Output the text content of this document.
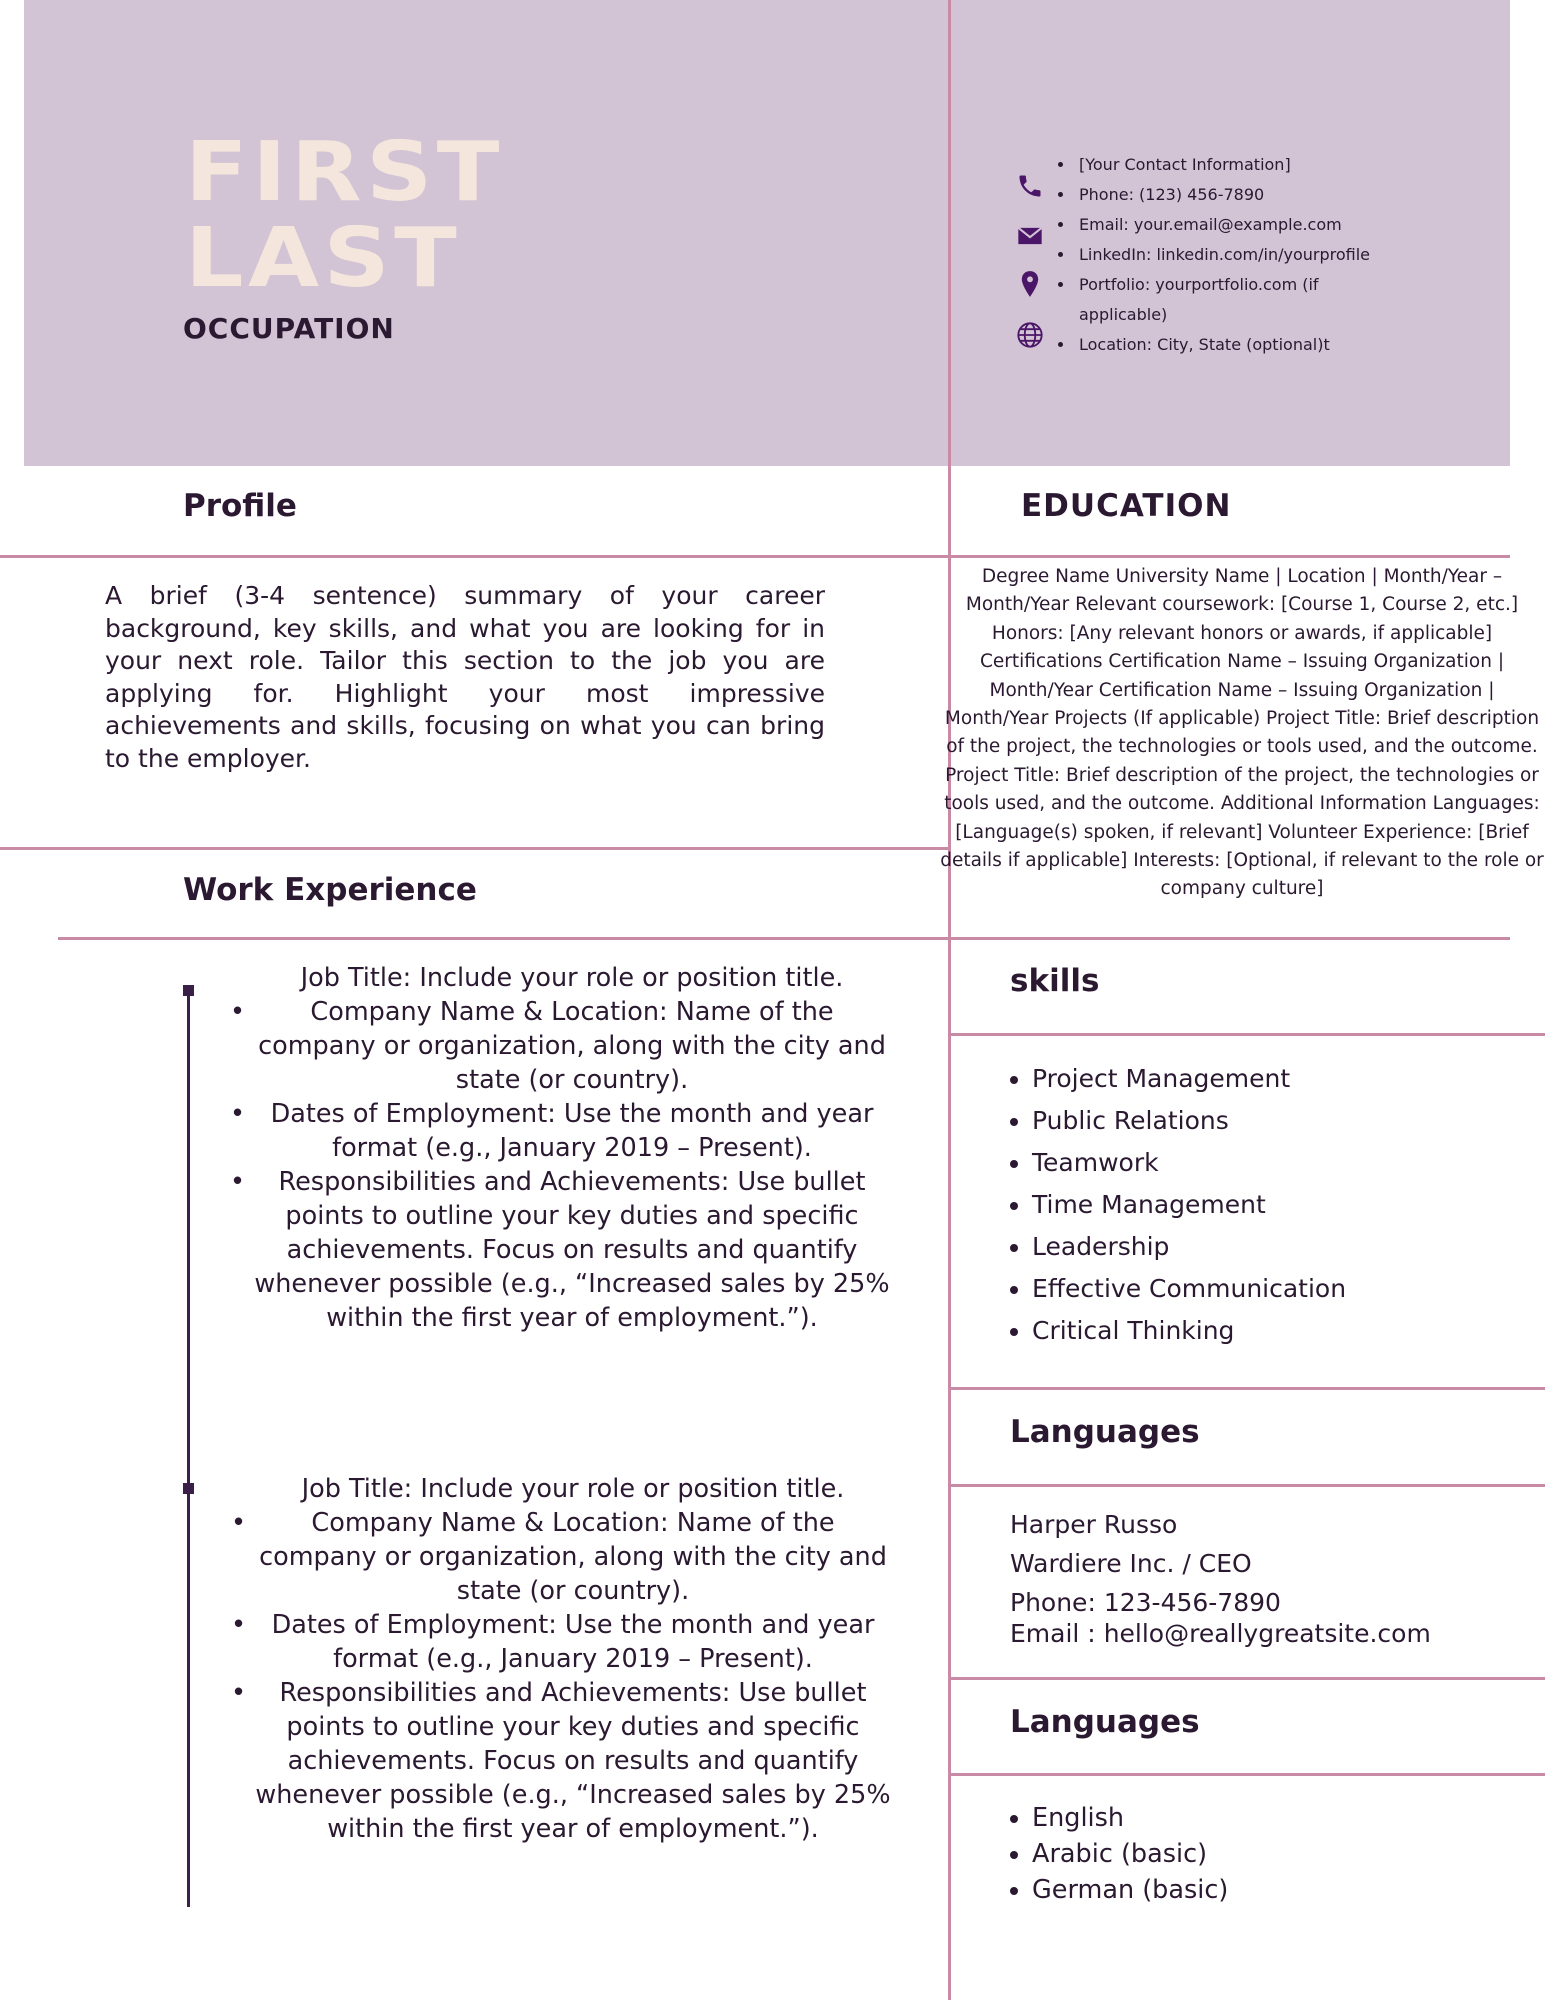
FIRST
LAST
OCCUPATION
• [Your Contact Information]
• Phone: (123) 456-7890
• Email: your.email@example.com
• LinkedIn: linkedin.com/in/yourprofile
• Portfolio: yourportfolio.com (if applicable)
• Location: City, State (optional)t
Profile

A brief (3-4 sentence) summary of your career background, key skills, and what you are looking for in your next role. Tailor this section to the job you are applying for. Highlight your most impressive achievements and skills, focusing on what you can bring to the employer.

EDUCATION

Degree Name University Name | Location | Month/Year – Month/Year Relevant coursework: [Course 1, Course 2, etc.] Honors: [Any relevant honors or awards, if applicable] Certifications Certification Name – Issuing Organization | Month/Year Certification Name – Issuing Organization | Month/Year Projects (If applicable) Project Title: Brief description of the project, the technologies or tools used, and the outcome. Project Title: Brief description of the project, the technologies or tools used, and the outcome. Additional Information Languages: [Language(s) spoken, if relevant] Volunteer Experience: [Brief details if applicable] Interests: [Optional, if relevant to the role or company culture]

Work Experience
Job Title: Include your role or position title.
• Company Name & Location: Name of the company or organization, along with the city and state (or country).
• Dates of Employment: Use the month and year format (e.g., January 2019 – Present).
• Responsibilities and Achievements: Use bullet points to outline your key duties and specific achievements. Focus on results and quantify whenever possible (e.g., “Increased sales by 25% within the first year of employment.”).
Job Title: Include your role or position title.
• Company Name & Location: Name of the company or organization, along with the city and state (or country).
• Dates of Employment: Use the month and year format (e.g., January 2019 – Present).
• Responsibilities and Achievements: Use bullet points to outline your key duties and specific achievements. Focus on results and quantify whenever possible (e.g., “Increased sales by 25% within the first year of employment.”).
skills
• Project Management
• Public Relations
• Teamwork
• Time Management
• Leadership
• Effective Communication
• Critical Thinking
Languages
Harper Russo
Wardiere Inc. / CEO
Phone: 123-456-7890
Email : hello@reallygreatsite.com
Languages
• English
• Arabic (basic)
• German (basic)
